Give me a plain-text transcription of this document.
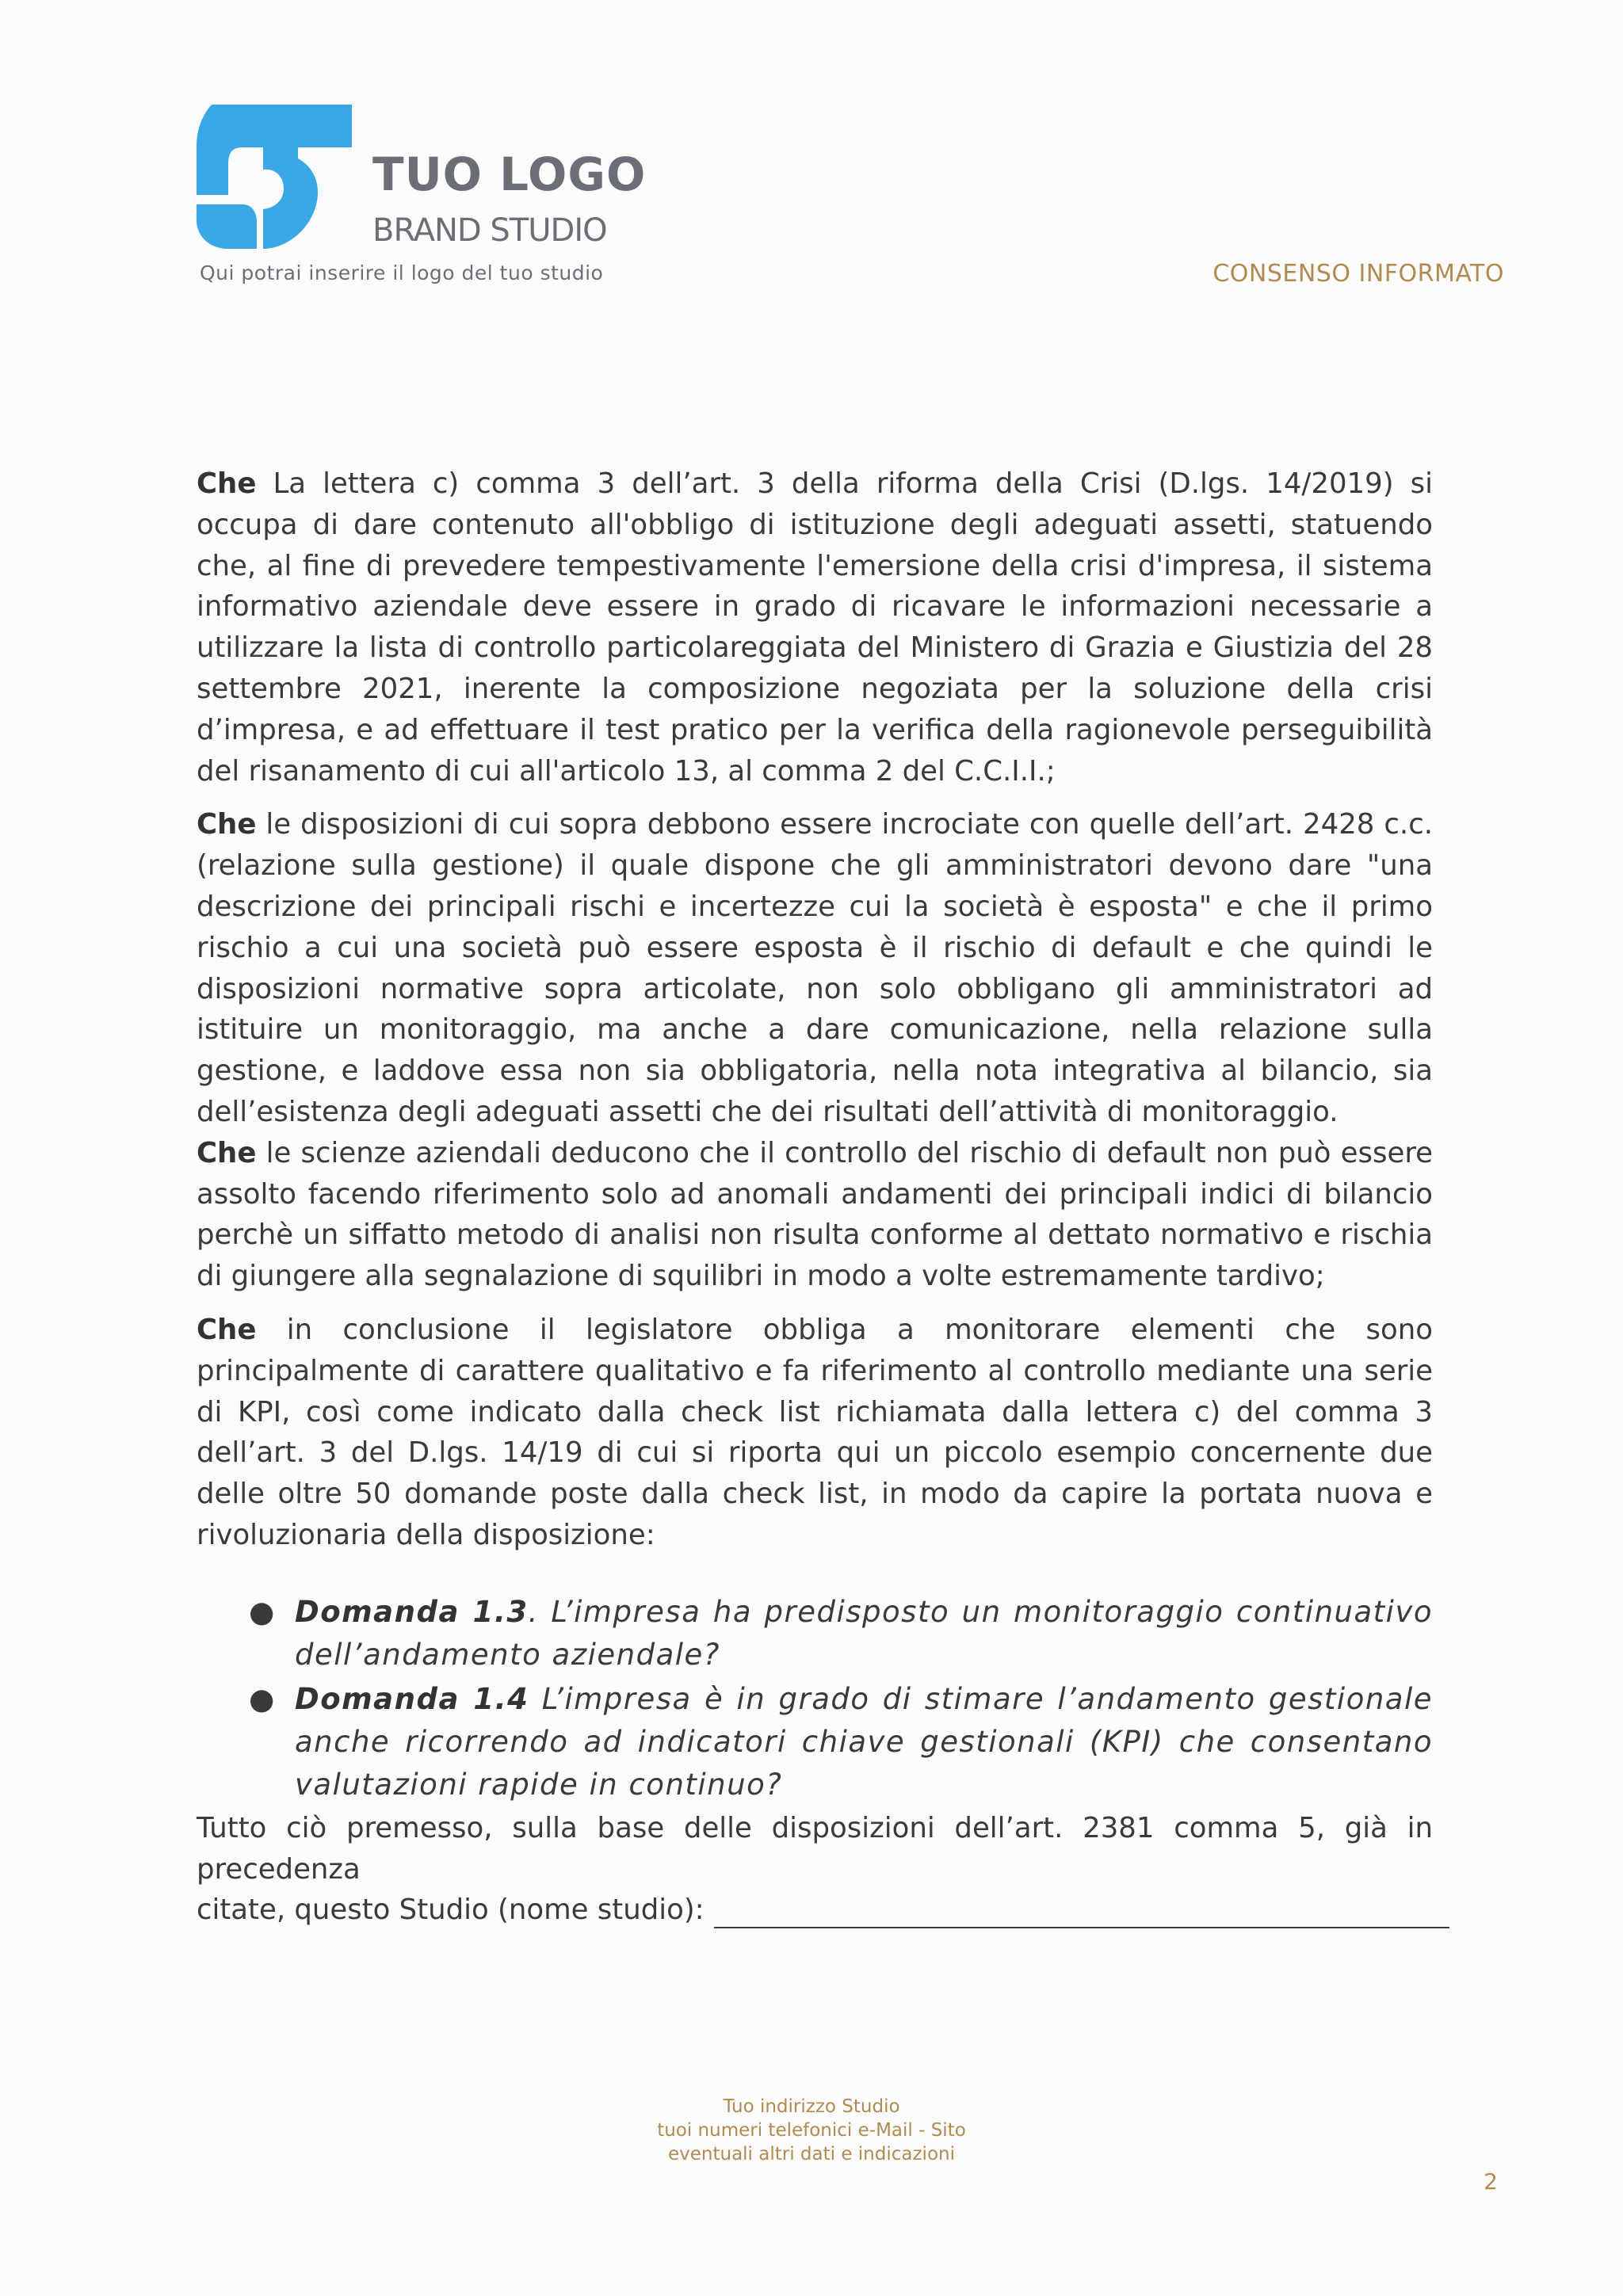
TUO LOGO
BRAND STUDIO
Qui potrai inserire il logo del tuo studio	CONSENSO INFORMATO

Che La lettera c) comma 3 dell’art. 3 della riforma della Crisi (D.lgs. 14/2019) si occupa di dare contenuto all'obbligo di istituzione degli adeguati assetti, statuendo che, al fine di prevedere tempestivamente l'emersione della crisi d'impresa, il sistema informativo aziendale deve essere in grado di ricavare le informazioni necessarie a utilizzare la lista di controllo particolareggiata del Ministero di Grazia e Giustizia del 28 settembre 2021, inerente la composizione negoziata per la soluzione della crisi d’impresa, e ad effettuare il test pratico per la verifica della ragionevole perseguibilità del risanamento di cui all'articolo 13, al comma 2 del C.C.I.I.;

Che le disposizioni di cui sopra debbono essere incrociate con quelle dell’art. 2428 c.c. (relazione sulla gestione) il quale dispone che gli amministratori devono dare "una descrizione dei principali rischi e incertezze cui la società è esposta" e che il primo rischio a cui una società può essere esposta è il rischio di default e che quindi le disposizioni normative sopra articolate, non solo obbligano gli amministratori ad istituire un monitoraggio, ma anche a dare comunicazione, nella relazione sulla gestione, e laddove essa non sia obbligatoria, nella nota integrativa al bilancio, sia dell’esistenza degli adeguati assetti che dei risultati dell’attività di monitoraggio.

Che le scienze aziendali deducono che il controllo del rischio di default non può essere assolto facendo riferimento solo ad anomali andamenti dei principali indici di bilancio perchè un siffatto metodo di analisi non risulta conforme al dettato normativo e rischia di giungere alla segnalazione di squilibri in modo a volte estremamente tardivo;

Che in conclusione il legislatore obbliga a monitorare elementi che sono principalmente di carattere qualitativo e fa riferimento al controllo mediante una serie di KPI, così come indicato dalla check list richiamata dalla lettera c) del comma 3 dell’art. 3 del D.lgs. 14/19 di cui si riporta qui un piccolo esempio concernente due delle oltre 50 domande poste dalla check list, in modo da capire la portata nuova e rivoluzionaria della disposizione:

● Domanda 1.3. L’impresa ha predisposto un monitoraggio continuativo dell’andamento aziendale?
● Domanda 1.4 L’impresa è in grado di stimare l’andamento gestionale anche ricorrendo ad indicatori chiave gestionali (KPI) che consentano valutazioni rapide in continuo?

Tutto ciò premesso, sulla base delle disposizioni dell’art. 2381 comma 5, già in precedenza

citate, questo Studio (nome studio):

Tuo indirizzo Studio
tuoi numeri telefonici e-Mail - Sito
eventuali altri dati e indicazioni
2
